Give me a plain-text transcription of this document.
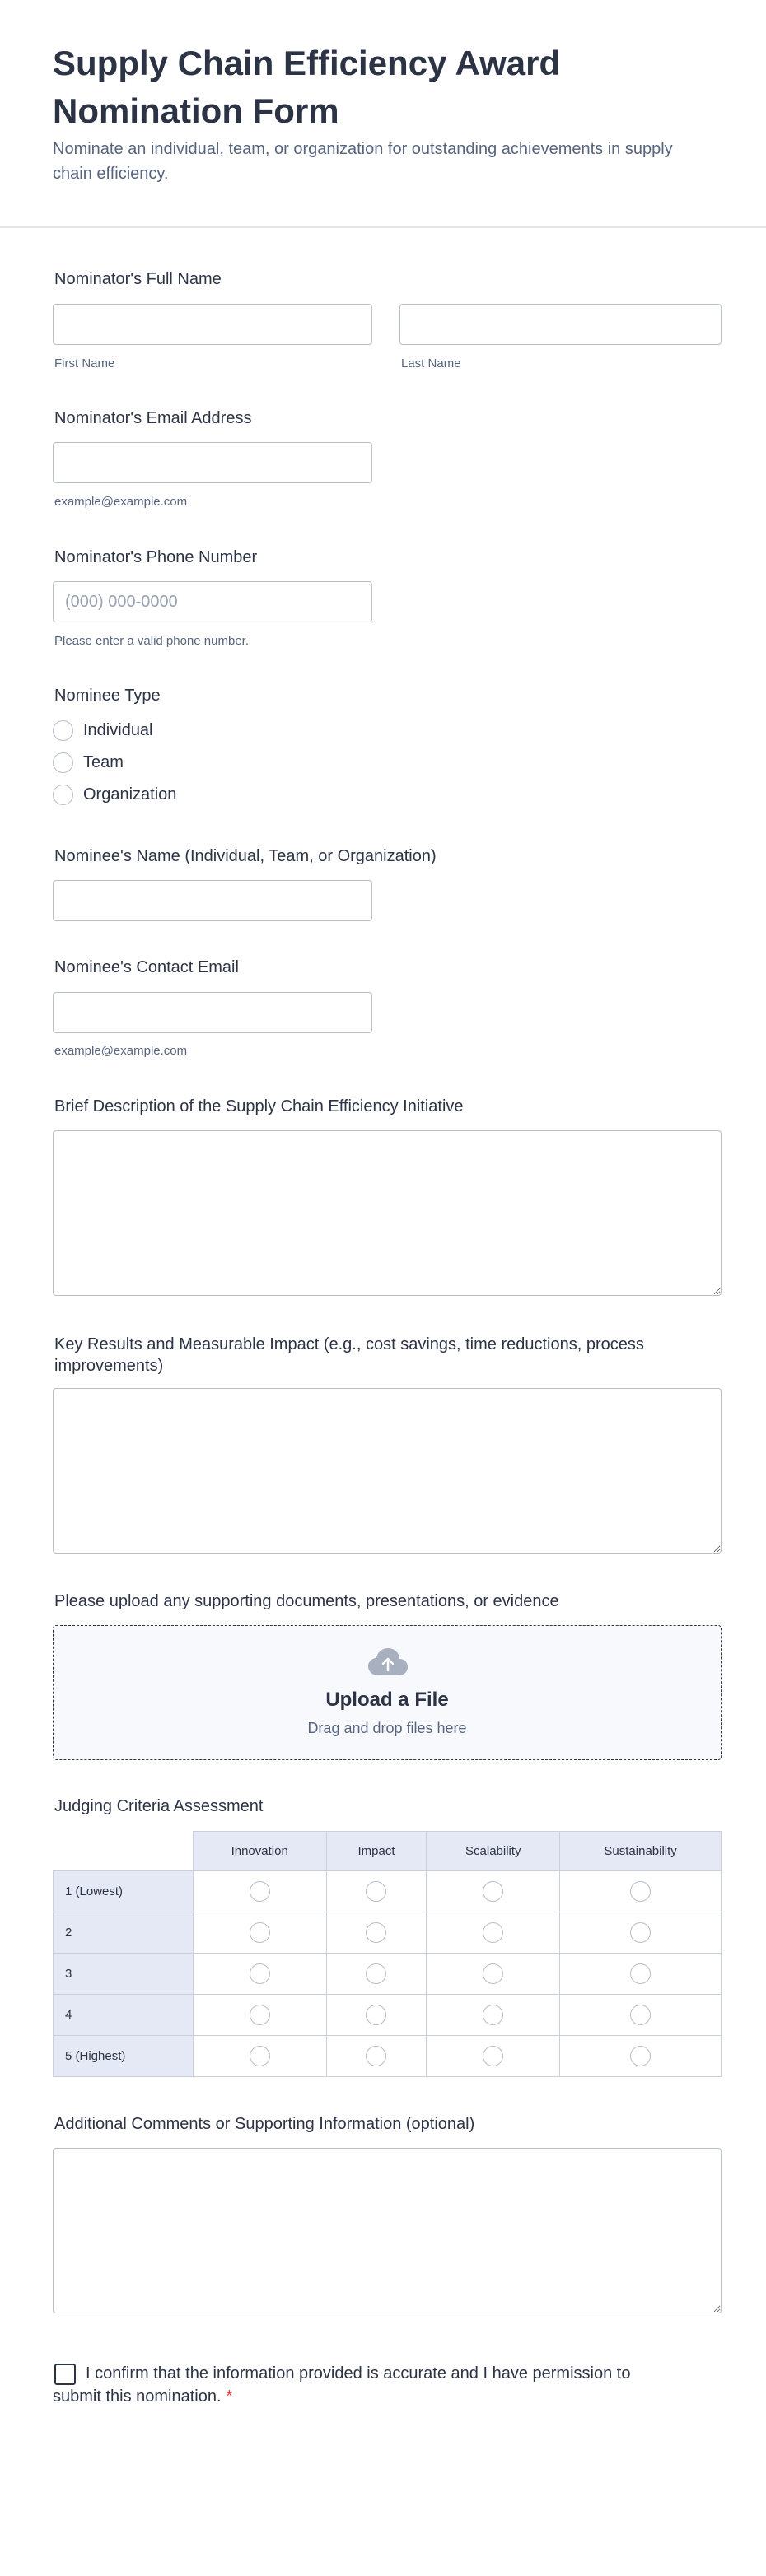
Supply Chain Efficiency Award Nomination Form

Nominate an individual, team, or organization for outstanding achievements in supply chain efficiency.

Nominator's Full Name
First Name	Last Name
Nominator's Email Address
example@example.com
Nominator's Phone Number
(000) 000-0000
Please enter a valid phone number.
Nominee Type
Individual
Team
Organization
Nominee's Name (Individual, Team, or Organization)
Nominee's Contact Email
example@example.com
Brief Description of the Supply Chain Efficiency Initiative
Key Results and Measurable Impact (e.g., cost savings, time reductions, process improvements)
Please upload any supporting documents, presentations, or evidence
Upload a File
Drag and drop files here
Judging Criteria Assessment
	Innovation	Impact	Scalability	Sustainability
1 (Lowest)				
2				
3				
4				
5 (Highest)				
Additional Comments or Supporting Information (optional)

I confirm that the information provided is accurate and I have permission to submit this nomination. *
